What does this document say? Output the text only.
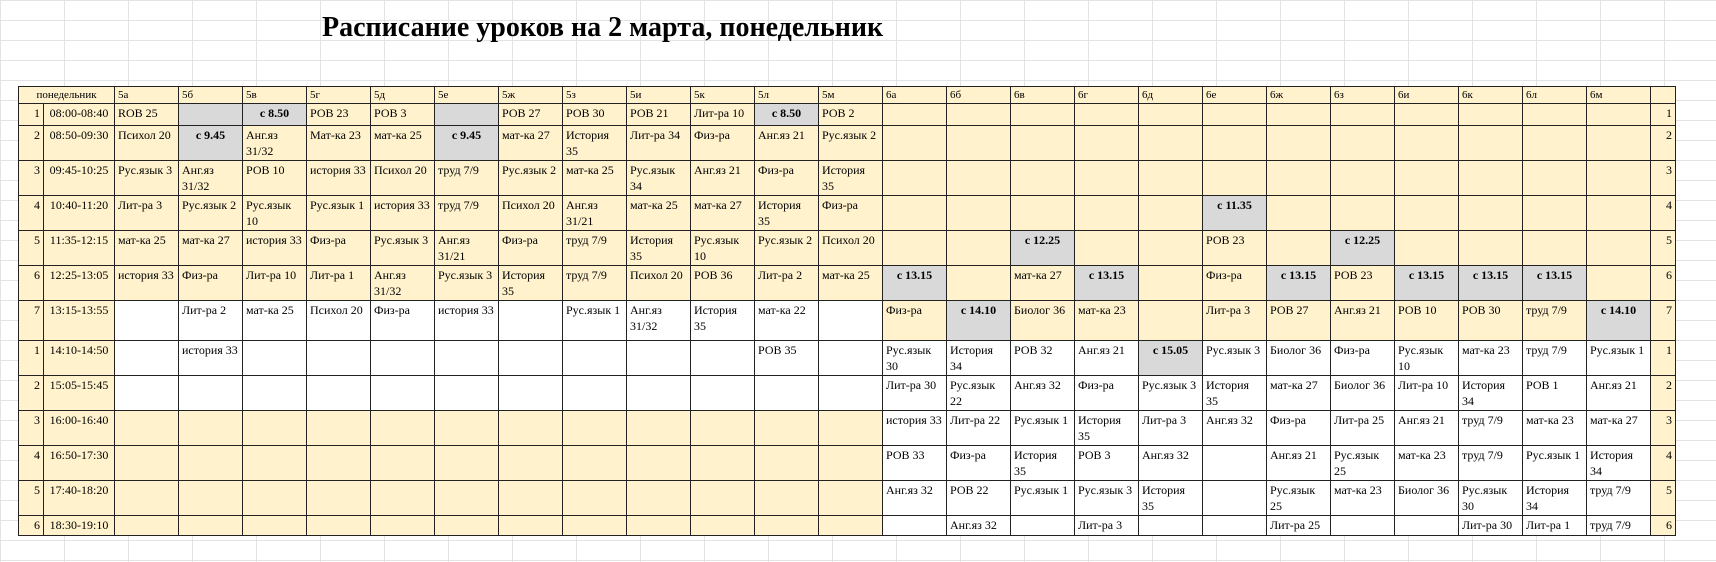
Расписание уроков на 2 марта, понедельник
понедельник		5а	5б	5в	5г	5д	5е	5ж	5з	5и	5к	5л	5м	6а	6б	6в	6г	6д	6е	6ж	6з	6и	6к	6л	6м	
1	08:00-08:40	ROB 25		с 8.50	РОВ 23	РОВ 3		РОВ 27	РОВ 30	РОВ 21	Лит-ра 10	с 8.50	РОВ 2													1
2	08:50-09:30	Психол 20	с 9.45	Анг.яз 31/32	Мат-ка 23	мат-ка 25	с 9.45	мат-ка 27	История 35	Лит-ра 34	Физ-ра	Анг.яз 21	Рус.язык 2													2
3	09:45-10:25	Рус.язык 3	Анг.яз 31/32	РОВ 10	история 33	Психол 20	труд 7/9	Рус.язык 2	мат-ка 25	Рус.язык 34	Анг.яз 21	Физ-ра	История 35													3
4	10:40-11:20	Лит-ра 3	Рус.язык 2	Рус.язык 10	Рус.язык 1	история 33	труд 7/9	Психол 20	Анг.яз 31/21	мат-ка 25	мат-ка 27	История 35	Физ-ра						с 11.35							4
5	11:35-12:15	мат-ка 25	мат-ка 27	история 33	Физ-ра	Рус.язык 3	Анг.яз 31/21	Физ-ра	труд 7/9	История 35	Рус.язык 10	Рус.язык 2	Психол 20			с 12.25			РОВ 23		с 12.25					5
6	12:25-13:05	история 33	Физ-ра	Лит-ра 10	Лит-ра 1	Анг.яз 31/32	Рус.язык 3	История 35	труд 7/9	Психол 20	РОВ 36	Лит-ра 2	мат-ка 25	с 13.15		мат-ка 27	с 13.15		Физ-ра	с 13.15	РОВ 23	с 13.15	с 13.15	с 13.15		6
7	13:15-13:55		Лит-ра 2	мат-ка 25	Психол 20	Физ-ра	история 33		Рус.язык 1	Анг.яз 31/32	История 35	мат-ка 22		Физ-ра	с 14.10	Биолог 36	мат-ка 23		Лит-ра 3	РОВ 27	Анг.яз 21	РОВ 10	РОВ 30	труд 7/9	с 14.10	7
1	14:10-14:50		история 33									РОВ 35		Рус.язык 30	История 34	РОВ 32	Анг.яз 21	с 15.05	Рус.язык 3	Биолог 36	Физ-ра	Рус.язык 10	мат-ка 23	труд 7/9	Рус.язык 1	1
2	15:05-15:45													Лит-ра 30	Рус.язык 22	Анг.яз 32	Физ-ра	Рус.язык 3	История 35	мат-ка 27	Биолог 36	Лит-ра 10	История 34	РОВ 1	Анг.яз 21	2
3	16:00-16:40													история 33	Лит-ра 22	Рус.язык 1	История 35	Лит-ра 3	Анг.яз 32	Физ-ра	Лит-ра 25	Анг.яз 21	труд 7/9	мат-ка 23	мат-ка 27	3
4	16:50-17:30													РОВ 33	Физ-ра	История 35	РОВ 3	Анг.яз 32		Анг.яз 21	Рус.язык 25	мат-ка 23	труд 7/9	Рус.язык 1	История 34	4
5	17:40-18:20													Анг.яз 32	РОВ 22	Рус.язык 1	Рус.язык 3	История 35		Рус.язык 25	мат-ка 23	Биолог 36	Рус.язык 30	История 34	труд 7/9	5
6	18:30-19:10														Анг.яз 32		Лит-ра 3			Лит-ра 25			Лит-ра 30	Лит-ра 1	труд 7/9	6
